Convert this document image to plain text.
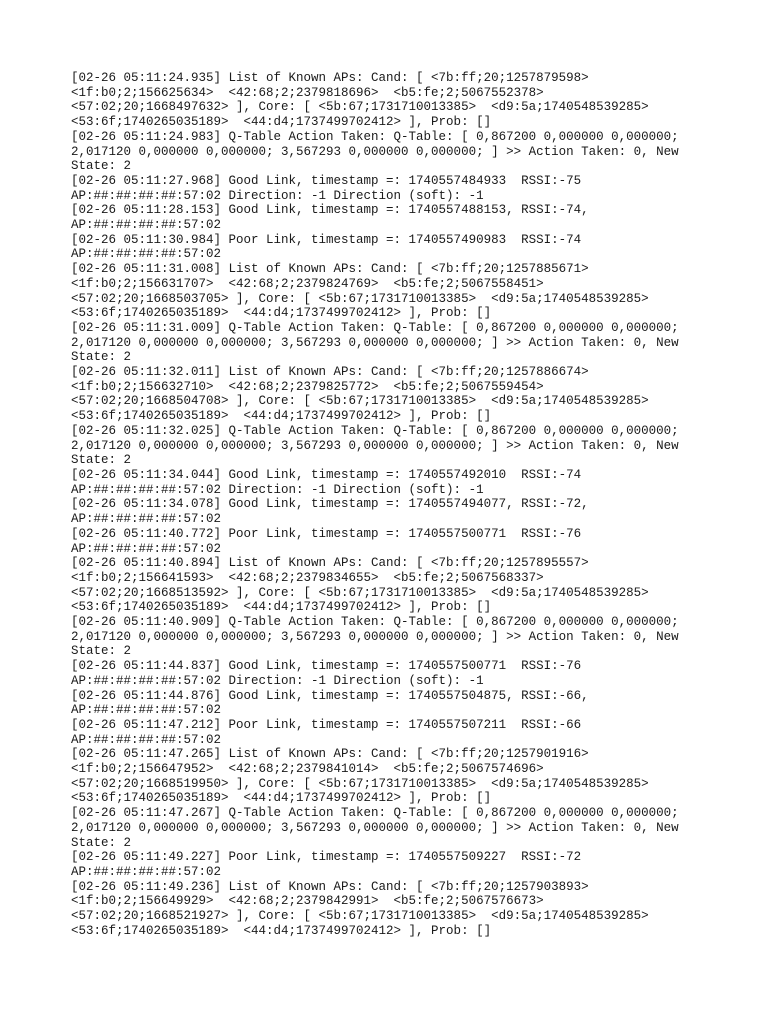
[02-26 05:11:24.935] List of Known APs: Cand: [ <7b:ff;20;1257879598>
<1f:b0;2;156625634>  <42:68;2;2379818696>  <b5:fe;2;5067552378>
<57:02;20;1668497632> ], Core: [ <5b:67;1731710013385>  <d9:5a;1740548539285>
<53:6f;1740265035189>  <44:d4;1737499702412> ], Prob: []
[02-26 05:11:24.983] Q-Table Action Taken: Q-Table: [ 0,867200 0,000000 0,000000;
2,017120 0,000000 0,000000; 3,567293 0,000000 0,000000; ] >> Action Taken: 0, New
State: 2
[02-26 05:11:27.968] Good Link, timestamp =: 1740557484933  RSSI:-75
AP:##:##:##:##:57:02 Direction: -1 Direction (soft): -1
[02-26 05:11:28.153] Good Link, timestamp =: 1740557488153, RSSI:-74,
AP:##:##:##:##:57:02
[02-26 05:11:30.984] Poor Link, timestamp =: 1740557490983  RSSI:-74
AP:##:##:##:##:57:02
[02-26 05:11:31.008] List of Known APs: Cand: [ <7b:ff;20;1257885671>
<1f:b0;2;156631707>  <42:68;2;2379824769>  <b5:fe;2;5067558451>
<57:02;20;1668503705> ], Core: [ <5b:67;1731710013385>  <d9:5a;1740548539285>
<53:6f;1740265035189>  <44:d4;1737499702412> ], Prob: []
[02-26 05:11:31.009] Q-Table Action Taken: Q-Table: [ 0,867200 0,000000 0,000000;
2,017120 0,000000 0,000000; 3,567293 0,000000 0,000000; ] >> Action Taken: 0, New
State: 2
[02-26 05:11:32.011] List of Known APs: Cand: [ <7b:ff;20;1257886674>
<1f:b0;2;156632710>  <42:68;2;2379825772>  <b5:fe;2;5067559454>
<57:02;20;1668504708> ], Core: [ <5b:67;1731710013385>  <d9:5a;1740548539285>
<53:6f;1740265035189>  <44:d4;1737499702412> ], Prob: []
[02-26 05:11:32.025] Q-Table Action Taken: Q-Table: [ 0,867200 0,000000 0,000000;
2,017120 0,000000 0,000000; 3,567293 0,000000 0,000000; ] >> Action Taken: 0, New
State: 2
[02-26 05:11:34.044] Good Link, timestamp =: 1740557492010  RSSI:-74
AP:##:##:##:##:57:02 Direction: -1 Direction (soft): -1
[02-26 05:11:34.078] Good Link, timestamp =: 1740557494077, RSSI:-72,
AP:##:##:##:##:57:02
[02-26 05:11:40.772] Poor Link, timestamp =: 1740557500771  RSSI:-76
AP:##:##:##:##:57:02
[02-26 05:11:40.894] List of Known APs: Cand: [ <7b:ff;20;1257895557>
<1f:b0;2;156641593>  <42:68;2;2379834655>  <b5:fe;2;5067568337>
<57:02;20;1668513592> ], Core: [ <5b:67;1731710013385>  <d9:5a;1740548539285>
<53:6f;1740265035189>  <44:d4;1737499702412> ], Prob: []
[02-26 05:11:40.909] Q-Table Action Taken: Q-Table: [ 0,867200 0,000000 0,000000;
2,017120 0,000000 0,000000; 3,567293 0,000000 0,000000; ] >> Action Taken: 0, New
State: 2
[02-26 05:11:44.837] Good Link, timestamp =: 1740557500771  RSSI:-76
AP:##:##:##:##:57:02 Direction: -1 Direction (soft): -1
[02-26 05:11:44.876] Good Link, timestamp =: 1740557504875, RSSI:-66,
AP:##:##:##:##:57:02
[02-26 05:11:47.212] Poor Link, timestamp =: 1740557507211  RSSI:-66
AP:##:##:##:##:57:02
[02-26 05:11:47.265] List of Known APs: Cand: [ <7b:ff;20;1257901916>
<1f:b0;2;156647952>  <42:68;2;2379841014>  <b5:fe;2;5067574696>
<57:02;20;1668519950> ], Core: [ <5b:67;1731710013385>  <d9:5a;1740548539285>
<53:6f;1740265035189>  <44:d4;1737499702412> ], Prob: []
[02-26 05:11:47.267] Q-Table Action Taken: Q-Table: [ 0,867200 0,000000 0,000000;
2,017120 0,000000 0,000000; 3,567293 0,000000 0,000000; ] >> Action Taken: 0, New
State: 2
[02-26 05:11:49.227] Poor Link, timestamp =: 1740557509227  RSSI:-72
AP:##:##:##:##:57:02
[02-26 05:11:49.236] List of Known APs: Cand: [ <7b:ff;20;1257903893>
<1f:b0;2;156649929>  <42:68;2;2379842991>  <b5:fe;2;5067576673>
<57:02;20;1668521927> ], Core: [ <5b:67;1731710013385>  <d9:5a;1740548539285>
<53:6f;1740265035189>  <44:d4;1737499702412> ], Prob: []
